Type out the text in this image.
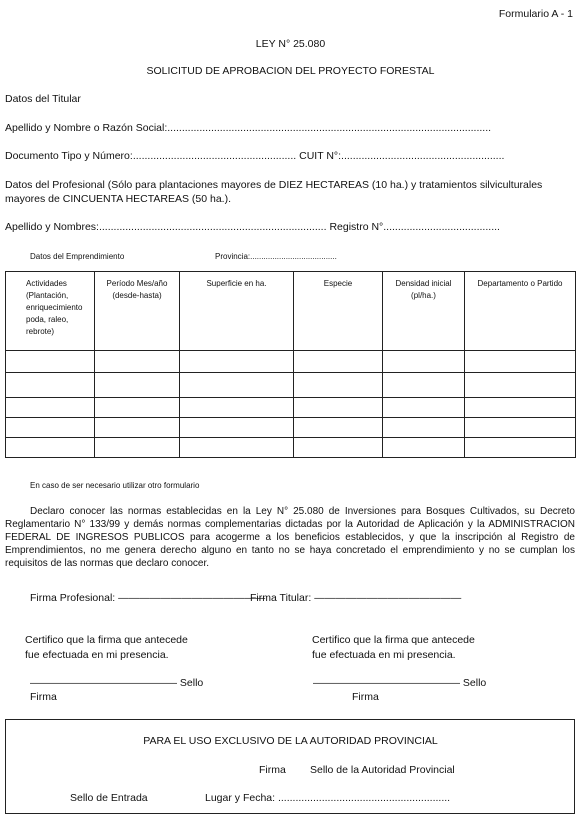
Formulario A - 1
LEY N° 25.080
SOLICITUD DE APROBACION DEL PROYECTO FORESTAL
Datos del Titular
Apellido y Nombre o Razón Social:...............................................................................................................
Documento Tipo y Número:........................................................ CUIT N°:........................................................
Datos del Profesional (Sólo para plantaciones mayores de DIEZ HECTAREAS (10 ha.) y tratamientos silviculturales mayores de CINCUENTA HECTAREAS (50 ha.).
Apellido y Nombres:.............................................................................. Registro N°........................................
Datos del Emprendimiento	Provincia:.......................................
Actividades (Plantación, enriquecimiento poda, raleo, rebrote)	Período Mes/año (desde-hasta)	Superficie en ha.	Especie	Densidad inicial (pl/ha.)	Departamento o Partido

En caso de ser necesario utilizar otro formulario
Declaro conocer las normas establecidas en la Ley N° 25.080 de Inversiones para Bosques Cultivados, su Decreto Reglamentario N° 133/99 y demás normas complementarias dictadas por la Autoridad de Aplicación y la ADMINISTRACION FEDERAL DE INGRESOS PUBLICOS para acogerme a los beneficios establecidos, y que la inscripción al Registro de Emprendimientos, no me genera derecho alguno en tanto no se haya concretado el emprendimiento y no se cumplan los requisitos de las normas que declaro conocer.
Firma Profesional: ——————————————
Firma Titular: ——————————————
Certifico que la firma que antecede
fue efectuada en mi presencia.
Certifico que la firma que antecede
fue efectuada en mi presencia.
—————————————— Sello
Firma
—————————————— Sello
Firma
PARA EL USO EXCLUSIVO DE LA AUTORIDAD PROVINCIAL
Firma Sello de la Autoridad Provincial
Sello de Entrada	Lugar y Fecha: ...........................................................
